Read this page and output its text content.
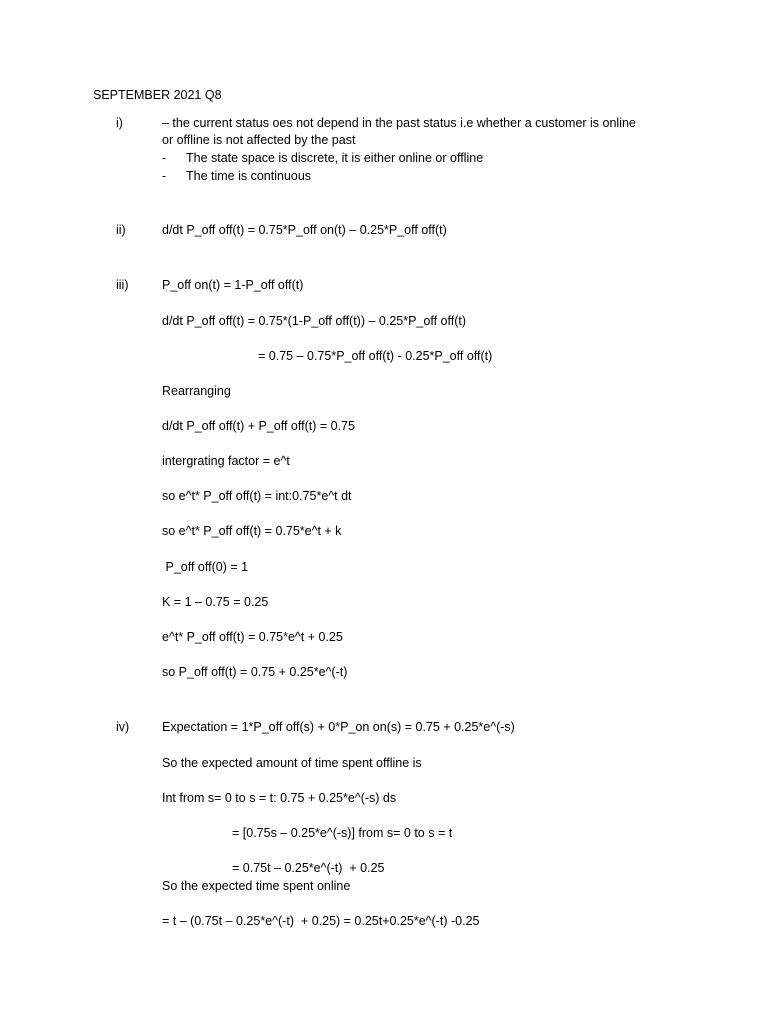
SEPTEMBER 2021 Q8
i)	– the current status oes not depend in the past status i.e whether a customer is online
or offline is not affected by the past
- The state space is discrete, it is either online or offline
- The time is continuous
ii)	d/dt P_off off(t) = 0.75*P_off on(t) – 0.25*P_off off(t)
iii)	P_off on(t) = 1-P_off off(t)
d/dt P_off off(t) = 0.75*(1-P_off off(t)) – 0.25*P_off off(t)
= 0.75 – 0.75*P_off off(t) - 0.25*P_off off(t)
Rearranging
d/dt P_off off(t) + P_off off(t) = 0.75
intergrating factor = e^t
so e^t* P_off off(t) = int:0.75*e^t dt
so e^t* P_off off(t) = 0.75*e^t + k
P_off off(0) = 1
K = 1 – 0.75 = 0.25
e^t* P_off off(t) = 0.75*e^t + 0.25
so P_off off(t) = 0.75 + 0.25*e^(-t)
iv)	Expectation = 1*P_off off(s) + 0*P_on on(s) = 0.75 + 0.25*e^(-s)
So the expected amount of time spent offline is
Int from s= 0 to s = t: 0.75 + 0.25*e^(-s) ds
= [0.75s – 0.25*e^(-s)] from s= 0 to s = t
= 0.75t – 0.25*e^(-t)  + 0.25
So the expected time spent online
= t – (0.75t – 0.25*e^(-t)  + 0.25) = 0.25t+0.25*e^(-t) -0.25
